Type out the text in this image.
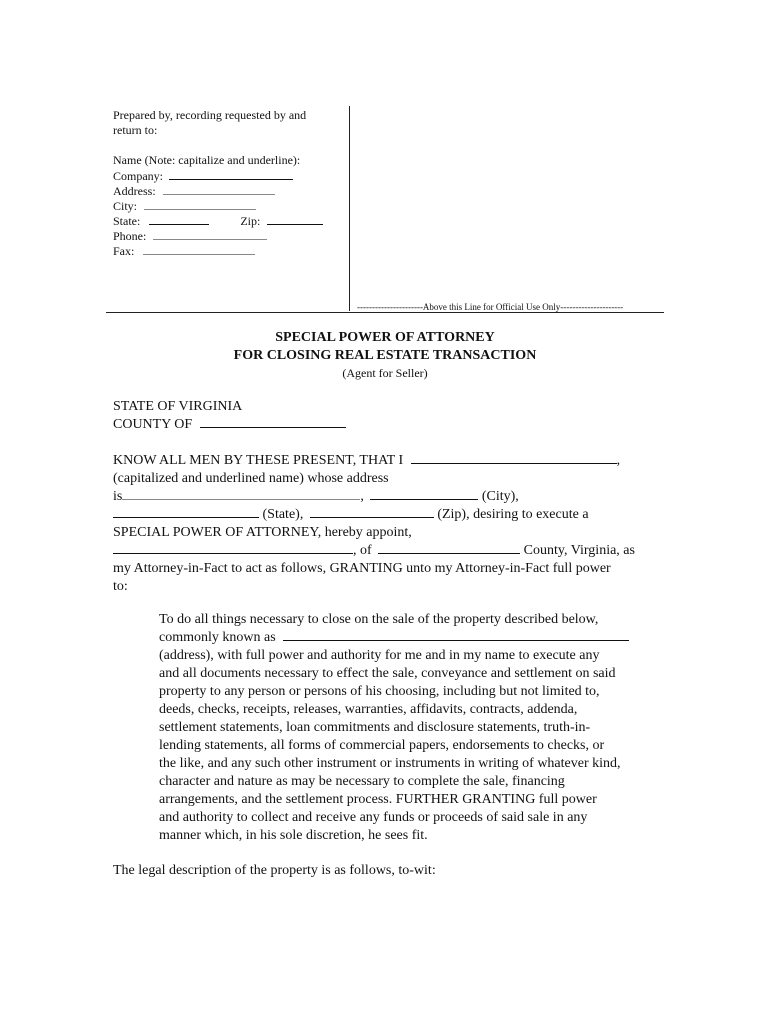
Prepared by, recording requested by and
return to:
Name (Note: capitalize and underline):
Company:
Address:
City:
State:	Zip:
Phone:
Fax:
----------------------Above this Line for Official Use Only---------------------
SPECIAL POWER OF ATTORNEY
FOR CLOSING REAL ESTATE TRANSACTION
(Agent for Seller)
STATE OF VIRGINIA
COUNTY OF
KNOW ALL MEN BY THESE PRESENT, THAT I	,
(capitalized and underlined name) whose address
is	,	(City),
(State),	(Zip), desiring to execute a
SPECIAL POWER OF ATTORNEY, hereby appoint,
, of	County, Virginia, as
my Attorney-in-Fact to act as follows, GRANTING unto my Attorney-in-Fact full power
to:
To do all things necessary to close on the sale of the property described below,
commonly known as
(address), with full power and authority for me and in my name to execute any
and all documents necessary to effect the sale, conveyance and settlement on said
property to any person or persons of his choosing, including but not limited to,
deeds, checks, receipts, releases, warranties, affidavits, contracts, addenda,
settlement statements, loan commitments and disclosure statements, truth-in-
lending statements, all forms of commercial papers, endorsements to checks, or
the like, and any such other instrument or instruments in writing of whatever kind,
character and nature as may be necessary to complete the sale, financing
arrangements, and the settlement process. FURTHER GRANTING full power
and authority to collect and receive any funds or proceeds of said sale in any
manner which, in his sole discretion, he sees fit.
The legal description of the property is as follows, to-wit:
